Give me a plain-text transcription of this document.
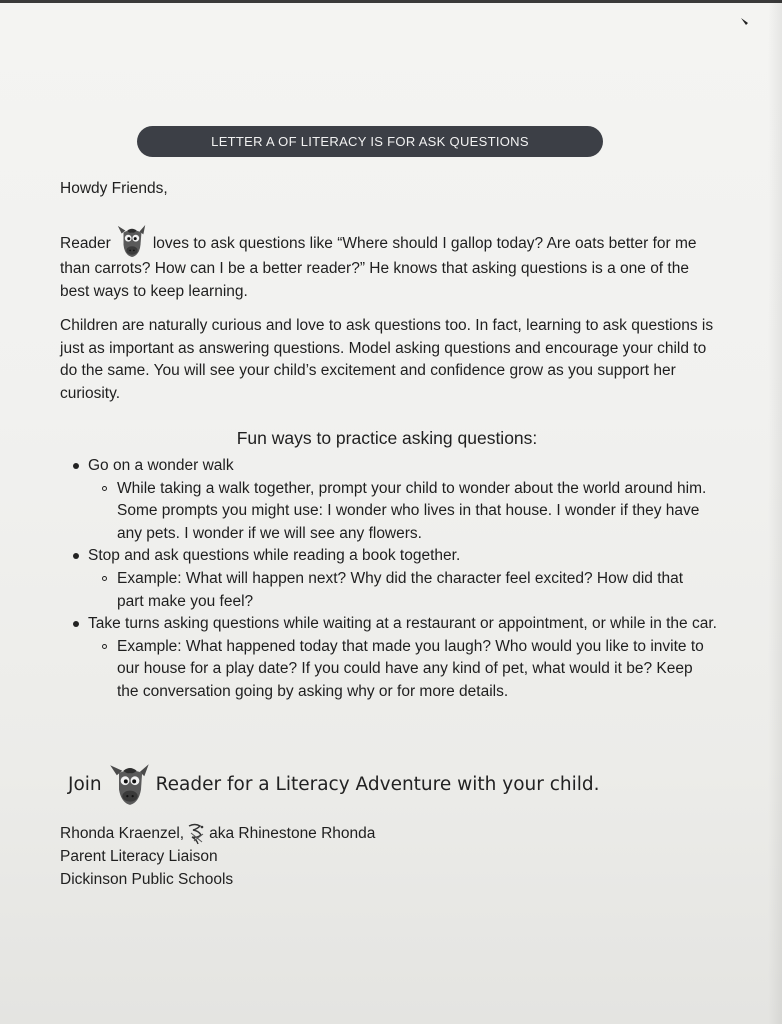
LETTER A OF LITERACY IS FOR ASK QUESTIONS

Howdy Friends,

Reader	loves to ask questions like “Where should I gallop today? Are oats better for me than carrots? How can I be a better reader?” He knows that asking questions is a one of the best ways to keep learning.

Children are naturally curious and love to ask questions too. In fact, learning to ask questions is just as important as answering questions. Model asking questions and encourage your child to do the same. You will see your child’s excitement and confidence grow as you support her curiosity.

Fun ways to practice asking questions:
Go on a wonder walk
While taking a walk together, prompt your child to wonder about the world around him. Some prompts you might use: I wonder who lives in that house. I wonder if they have any pets. I wonder if we will see any flowers.
Stop and ask questions while reading a book together.
Example: What will happen next? Why did the character feel excited? How did that part make you feel?
Take turns asking questions while waiting at a restaurant or appointment, or while in the car.
Example: What happened today that made you laugh? Who would you like to invite to our house for a play date? If you could have any kind of pet, what would it be? Keep the conversation going by asking why or for more details.
Join	Reader for a Literacy Adventure with your child.
Rhonda Kraenzel, aka Rhinestone Rhonda
Parent Literacy Liaison
Dickinson Public Schools
